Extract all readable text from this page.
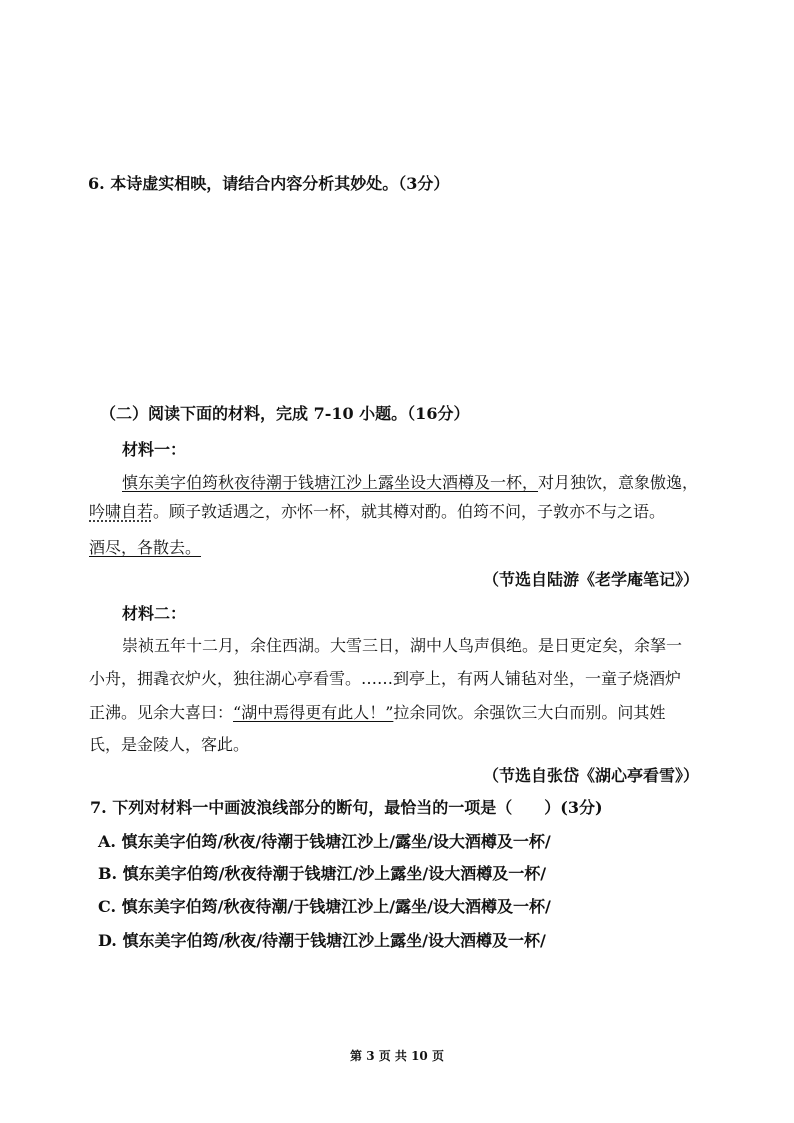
6. 本诗虚实相映，请结合内容分析其妙处。（3分）
（二）阅读下面的材料，完成 7-10 小题。（16分）
材料一：
慎东美字伯筠秋夜待潮于钱塘江沙上露坐设大酒樽及一杯，对月独饮，意象傲逸，
吟啸自若。顾子敦适遇之，亦怀一杯，就其樽对酌。伯筠不问，子敦亦不与之语。
酒尽，各散去。
（节选自陆游《老学庵笔记》）
材料二：
崇祯五年十二月，余住西湖。大雪三日，湖中人鸟声俱绝。是日更定矣，余拏一
小舟，拥毳衣炉火，独往湖心亭看雪。……到亭上，有两人铺毡对坐，一童子烧酒炉
正沸。见余大喜曰：“湖中焉得更有此人！”拉余同饮。余强饮三大白而别。问其姓
氏，是金陵人，客此。
（节选自张岱《湖心亭看雪》）
7. 下列对材料一中画波浪线部分的断句，最恰当的一项是（　　）(3分)
A. 慎东美字伯筠/秋夜/待潮于钱塘江沙上/露坐/设大酒樽及一杯/
B. 慎东美字伯筠/秋夜待潮于钱塘江/沙上露坐/设大酒樽及一杯/
C. 慎东美字伯筠/秋夜待潮/于钱塘江沙上/露坐/设大酒樽及一杯/
D. 慎东美字伯筠/秋夜/待潮于钱塘江沙上露坐/设大酒樽及一杯/
第 3 页 共 10 页
